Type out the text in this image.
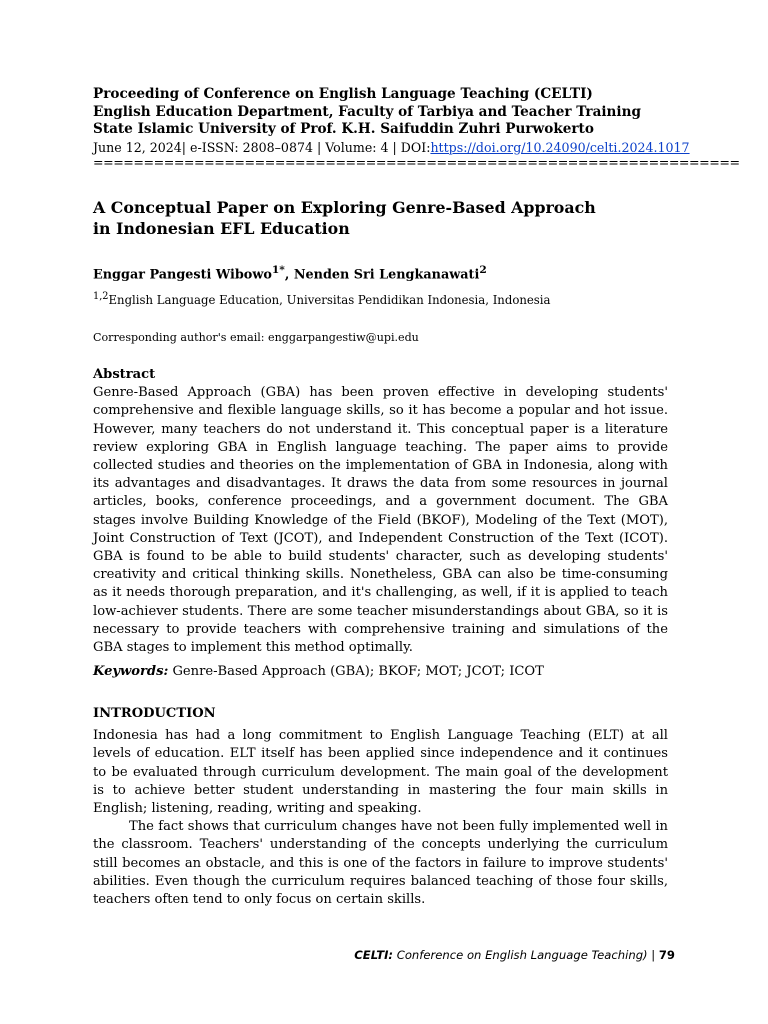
Proceeding of Conference on English Language Teaching (CELTI)
English Education Department, Faculty of Tarbiya and Teacher Training
State Islamic University of Prof. K.H. Saifuddin Zuhri Purwokerto
June 12, 2024| e-ISSN: 2808–0874 | Volume: 4 | DOI:https://doi.org/10.24090/celti.2024.1017
================================================================
A Conceptual Paper on Exploring Genre-Based Approach in Indonesian EFL Education
Enggar Pangesti Wibowo$^{1*}$, Nenden Sri Lengkanawati$^2$
$^{1,2}$English Language Education, Universitas Pendidikan Indonesia, Indonesia
Corresponding author's email: enggarpangestiw@upi.edu
Abstract
Genre-Based Approach (GBA) has been proven effective in developing students' comprehensive and flexible language skills, so it has become a popular and hot issue. However, many teachers do not understand it. This conceptual paper is a literature review exploring GBA in English language teaching. The paper aims to provide collected studies and theories on the implementation of GBA in Indonesia, along with its advantages and disadvantages. It draws the data from some resources in journal articles, books, conference proceedings, and a government document. The GBA stages involve Building Knowledge of the Field (BKOF), Modeling of the Text (MOT), Joint Construction of Text (JCOT), and Independent Construction of the Text (ICOT). GBA is found to be able to build students' character, such as developing students' creativity and critical thinking skills. Nonetheless, GBA can also be time-consuming as it needs thorough preparation, and it's challenging, as well, if it is applied to teach low-achiever students. There are some teacher misunderstandings about GBA, so it is necessary to provide teachers with comprehensive training and simulations of the GBA stages to implement this method optimally.
Keywords: Genre-Based Approach (GBA); BKOF; MOT; JCOT; ICOT
INTRODUCTION
Indonesia has had a long commitment to English Language Teaching (ELT) at all levels of education. ELT itself has been applied since independence and it continues to be evaluated through curriculum development. The main goal of the development is to achieve better student understanding in mastering the four main skills in English; listening, reading, writing and speaking.
The fact shows that curriculum changes have not been fully implemented well in the classroom. Teachers' understanding of the concepts underlying the curriculum still becomes an obstacle, and this is one of the factors in failure to improve students' abilities. Even though the curriculum requires balanced teaching of those four skills, teachers often tend to only focus on certain skills.
CELTI: Conference on English Language Teaching) | 79
